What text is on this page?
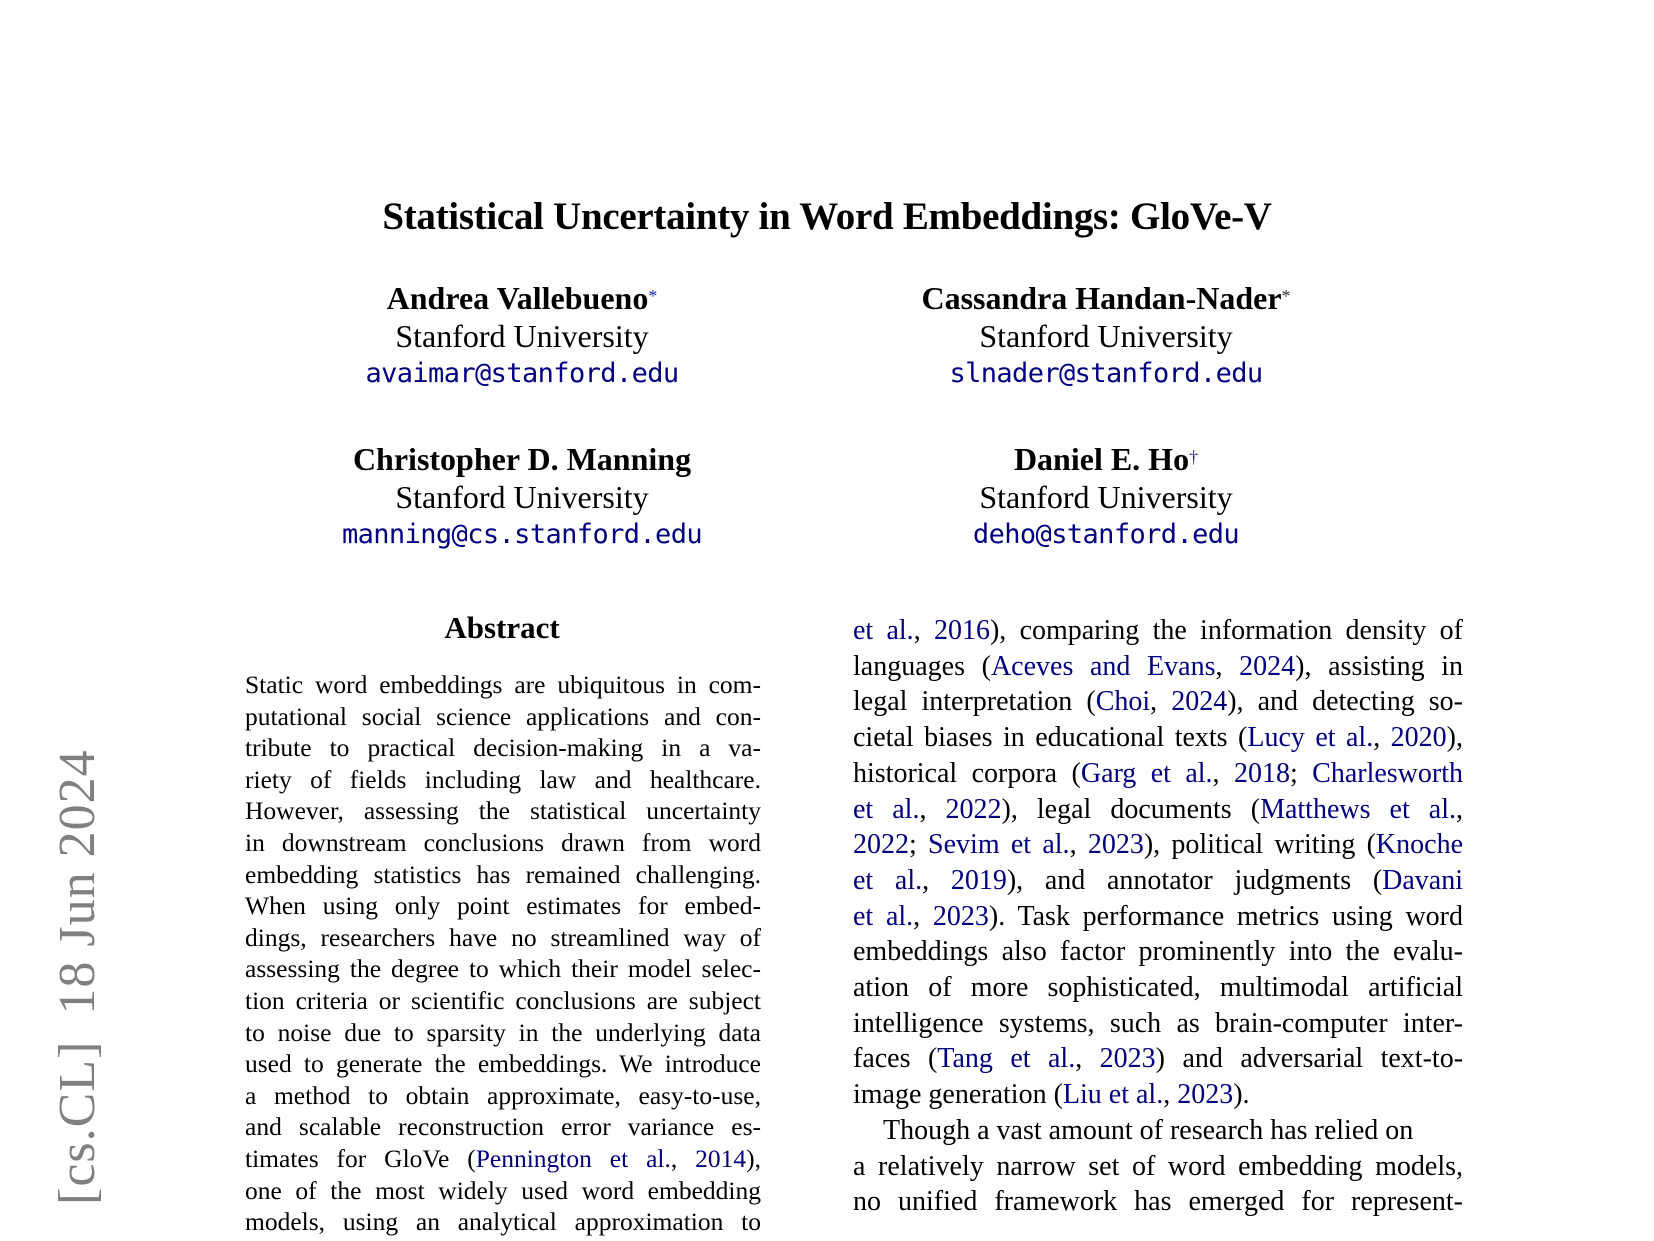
Statistical Uncertainty in Word Embeddings: GloVe-V
Andrea Vallebueno*
Stanford University
avaimar@stanford.edu
Cassandra Handan-Nader*
Stanford University
slnader@stanford.edu
Christopher D. Manning
Stanford University
manning@cs.stanford.edu
Daniel E. Ho†
Stanford University
deho@stanford.edu
Abstract
Static word embeddings are ubiquitous in com-
putational social science applications and con-
tribute to practical decision-making in a va-
riety of fields including law and healthcare.
However, assessing the statistical uncertainty
in downstream conclusions drawn from word
embedding statistics has remained challenging.
When using only point estimates for embed-
dings, researchers have no streamlined way of
assessing the degree to which their model selec-
tion criteria or scientific conclusions are subject
to noise due to sparsity in the underlying data
used to generate the embeddings. We introduce
a method to obtain approximate, easy-to-use,
and scalable reconstruction error variance es-
timates for GloVe (Pennington et al., 2014),
one of the most widely used word embedding
models, using an analytical approximation to
et al., 2016), comparing the information density of
languages (Aceves and Evans, 2024), assisting in
legal interpretation (Choi, 2024), and detecting so-
cietal biases in educational texts (Lucy et al., 2020),
historical corpora (Garg et al., 2018; Charlesworth
et al., 2022), legal documents (Matthews et al.,
2022; Sevim et al., 2023), political writing (Knoche
et al., 2019), and annotator judgments (Davani
et al., 2023). Task performance metrics using word
embeddings also factor prominently into the evalu-
ation of more sophisticated, multimodal artificial
intelligence systems, such as brain-computer inter-
faces (Tang et al., 2023) and adversarial text-to-
image generation (Liu et al., 2023).
Though a vast amount of research has relied on
a relatively narrow set of word embedding models,
no unified framework has emerged for represent-
[cs.CL]18 Jun 2024
